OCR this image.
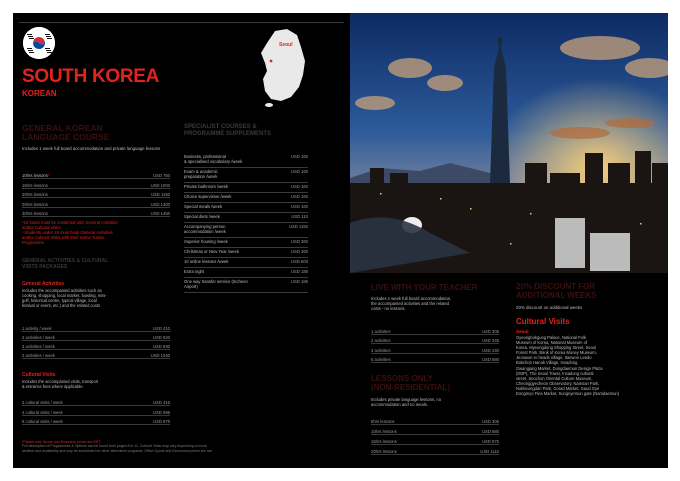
Seoul
SOUTH KOREA
KOREAN
GENERAL KOREAN
LANGUAGE COURSE
Includes 1 week full board accommodation and private language lessons
*10 hours must be combined with General Activities
and/or Cultural Visits
¹ Students under 18 must book General Activities
and/or Cultural Visits with their Home Tuition
Programme.
GENERAL ACTIVITIES & CULTURAL
VISITS PACKAGES
General Activities
Includes the accompanied activities such as
cooking, shopping, local market, bowling, mini-
golf, historical centre, typical village, local
festival or event, etc.) and the related costs
Cultural Visits
Includes the accompanied visits, transport
& entrance fees where applicable.
*Please note Sports and Excursion prices are NET.
Full description of Programmes & Options can be found from pages 8 to 11. Cultural Visits may vary depending on local
weather and availability and may be substituted for other alternative programs. Office Sports and Excursions prices are net
SPECIALIST COURSES &
PROGRAMME SUPPLEMENTS
LIVE WITH YOUR TEACHER
Includes 1 week full board accommodation,
the accompanied activities and the related
costs - no lessons.
LESSONS ONLY
(NON-RESIDENTIAL)
Includes private language lessons, no
accommodation and no meals.
20% DISCOUNT FOR
ADDITIONAL WEEKS
20% discount on additional weeks
Cultural Visits
Seoul
Gyeongbokgung Palace, National Folk
Museum of Korea, National Museum of
Korea, Myeongdong Shopping Street, Seoul
Forest Park, Bank of Korea Money Museum,
Jeonwon-ro heads village, Itaewon Leedo
Bukchon Hanok Village, Insadong
Gwangjang Market, Dongdaemun Design Plaza
(DDP), The Seoul Tower, Insadong cultural
street, Seochon Oriental Culture Museum,
Cheonggyecheon Observatory, Namsan Park,
Nokbeongdan Park, Gorad Market, Gaud Gye
Dongmyo Flea Market, Sungnyemun gate (Namdaemun)
10hrs lessons*	USD 750
15hrs lessons	USD 1000
20hrs lessons	USD 1150
25hrs lessons	USD 1300
30hrs lessons	USD 1450
1 activity / week	USD 410
2 activities / week	USD 620
3 activities / week	USD 830
4 activities / week	USD 1040
2 cultural visits / week	USD 415
4 cultural visits / week	USD 695
6 cultural visits / week	USD 975
1 activities	USD 305
2 activities	USD 345
3 activities	USD 440
5 activities	USD 580
5hrs lessons	USD 305
10hrs lessons	USD 580
15hrs lessons	USD 875
20hrs lessons	USD 1110
Business, professional
& specialised vocabulary /week
USD 160
Exam & academic
preparation /week
USD 160
Private bathroom /week	USD 160
Choice supervision /week	USD 160
Special meals /week	USD 160
Special diets /week	USD 110
Accompanying person
accommodation /week
USD 1150
Superior housing /week	USD 360
Christmas or New Year /week	USD 360
10 online lessons /week	USD 600
Extra night	USD 185
One way transfer service (Incheon
Airport)
USD 185
